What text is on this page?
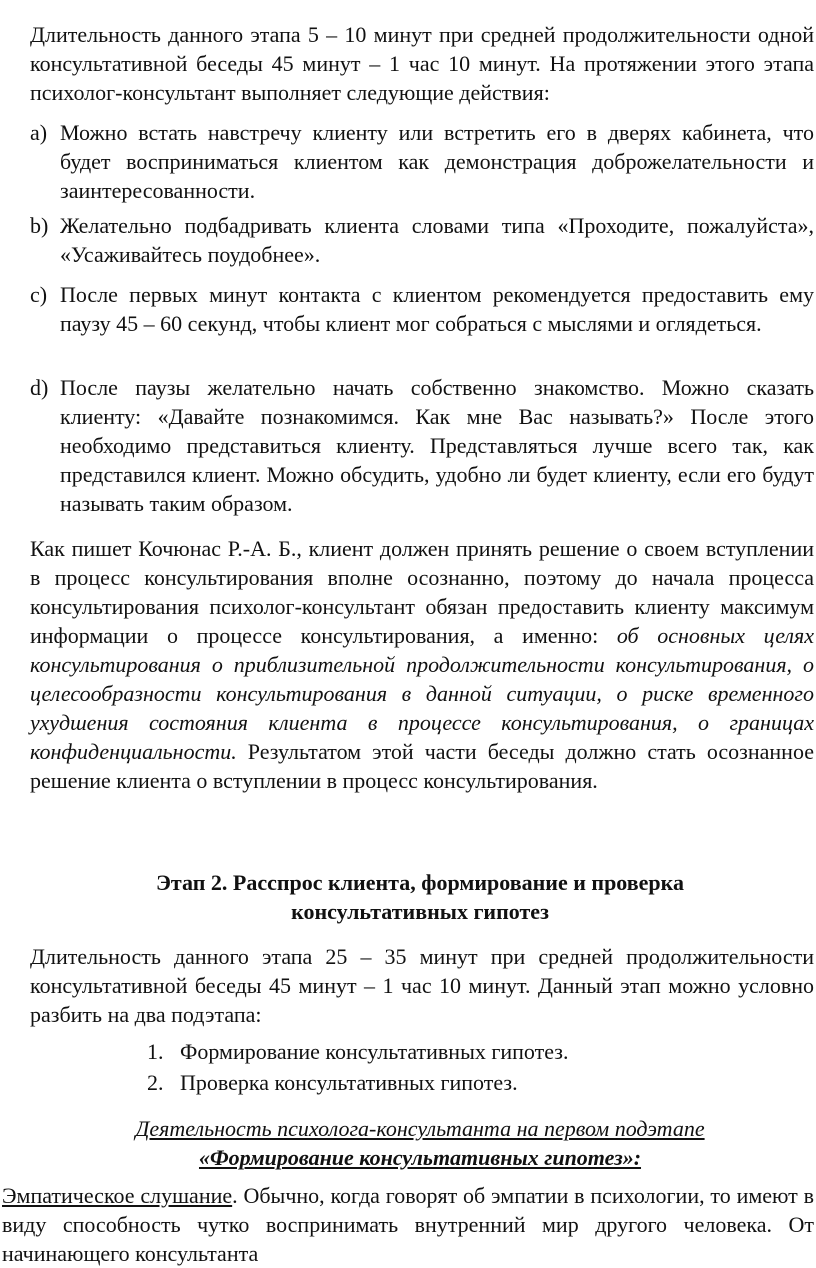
Длительность данного этапа 5 – 10 минут при средней продолжительности одной консультативной беседы 45 минут – 1 час 10 минут. На протяжении этого этапа психолог-консультант выполняет следующие действия:

a) Можно встать навстречу клиенту или встретить его в дверях кабинета, что будет восприниматься клиентом как демонстрация доброжелательности и заинтересованности.
b) Желательно подбадривать клиента словами типа «Проходите, пожалуйста», «Усаживайтесь поудобнее».
c) После первых минут контакта с клиентом рекомендуется предоставить ему паузу 45 – 60 секунд, чтобы клиент мог собраться с мыслями и оглядеться.
d) После паузы желательно начать собственно знакомство. Можно сказать клиенту: «Давайте познакомимся. Как мне Вас называть?» После этого необходимо представиться клиенту. Представляться лучше всего так, как представился клиент. Можно обсудить, удобно ли будет клиенту, если его будут называть таким образом.

Как пишет Кочюнас Р.-А. Б., клиент должен принять решение о своем вступлении в процесс консультирования вполне осознанно, поэтому до начала процесса консультирования психолог-консультант обязан предоставить клиенту максимум информации о процессе консультирования, а именно: об основных целях консультирования о приблизительной продолжительности консультирования, о целесообразности консультирования в данной ситуации, о риске временного ухудшения состояния клиента в процессе консультирования, о границах конфиденциальности. Результатом этой части беседы должно стать осознанное решение клиента о вступлении в процесс консультирования.

Этап 2. Расспрос клиента, формирование и проверка
консультативных гипотез

Длительность данного этапа 25 – 35 минут при средней продолжительности консультативной беседы 45 минут – 1 час 10 минут. Данный этап можно условно разбить на два подэтапа:

1. Формирование консультативных гипотез.
2. Проверка консультативных гипотез.
Деятельность психолога-консультанта на первом подэтапе
«Формирование консультативных гипотез»:

Эмпатическое слушание. Обычно, когда говорят об эмпатии в психологии, то имеют в виду способность чутко воспринимать внутренний мир другого человека. От начинающего консультанта
